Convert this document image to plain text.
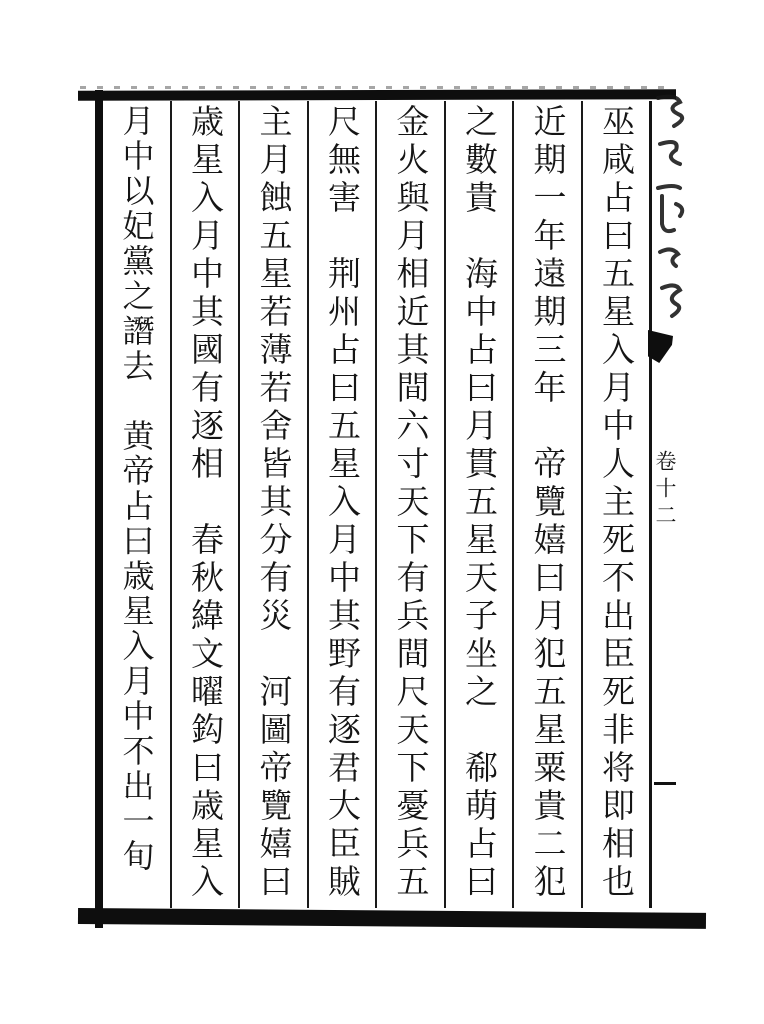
巫咸占曰五星入月中人主死不出臣死非将即相也
近期一年遠期三年　帝覽嬉曰月犯五星粟貴二犯
之數貴　海中占曰月貫五星天子坐之　郗萌占曰
金火與月相近其間六寸天下有兵間尺天下憂兵五
尺無害　荆州占曰五星入月中其野有逐君大臣賊
主月蝕五星若薄若舍皆其分有災　河圖帝覽嬉曰
歳星入月中其國有逐相　春秋緯文曜鈎曰歳星入
月中以妃黨之譖去　黄帝占曰歳星入月中不出一旬	卷十二
